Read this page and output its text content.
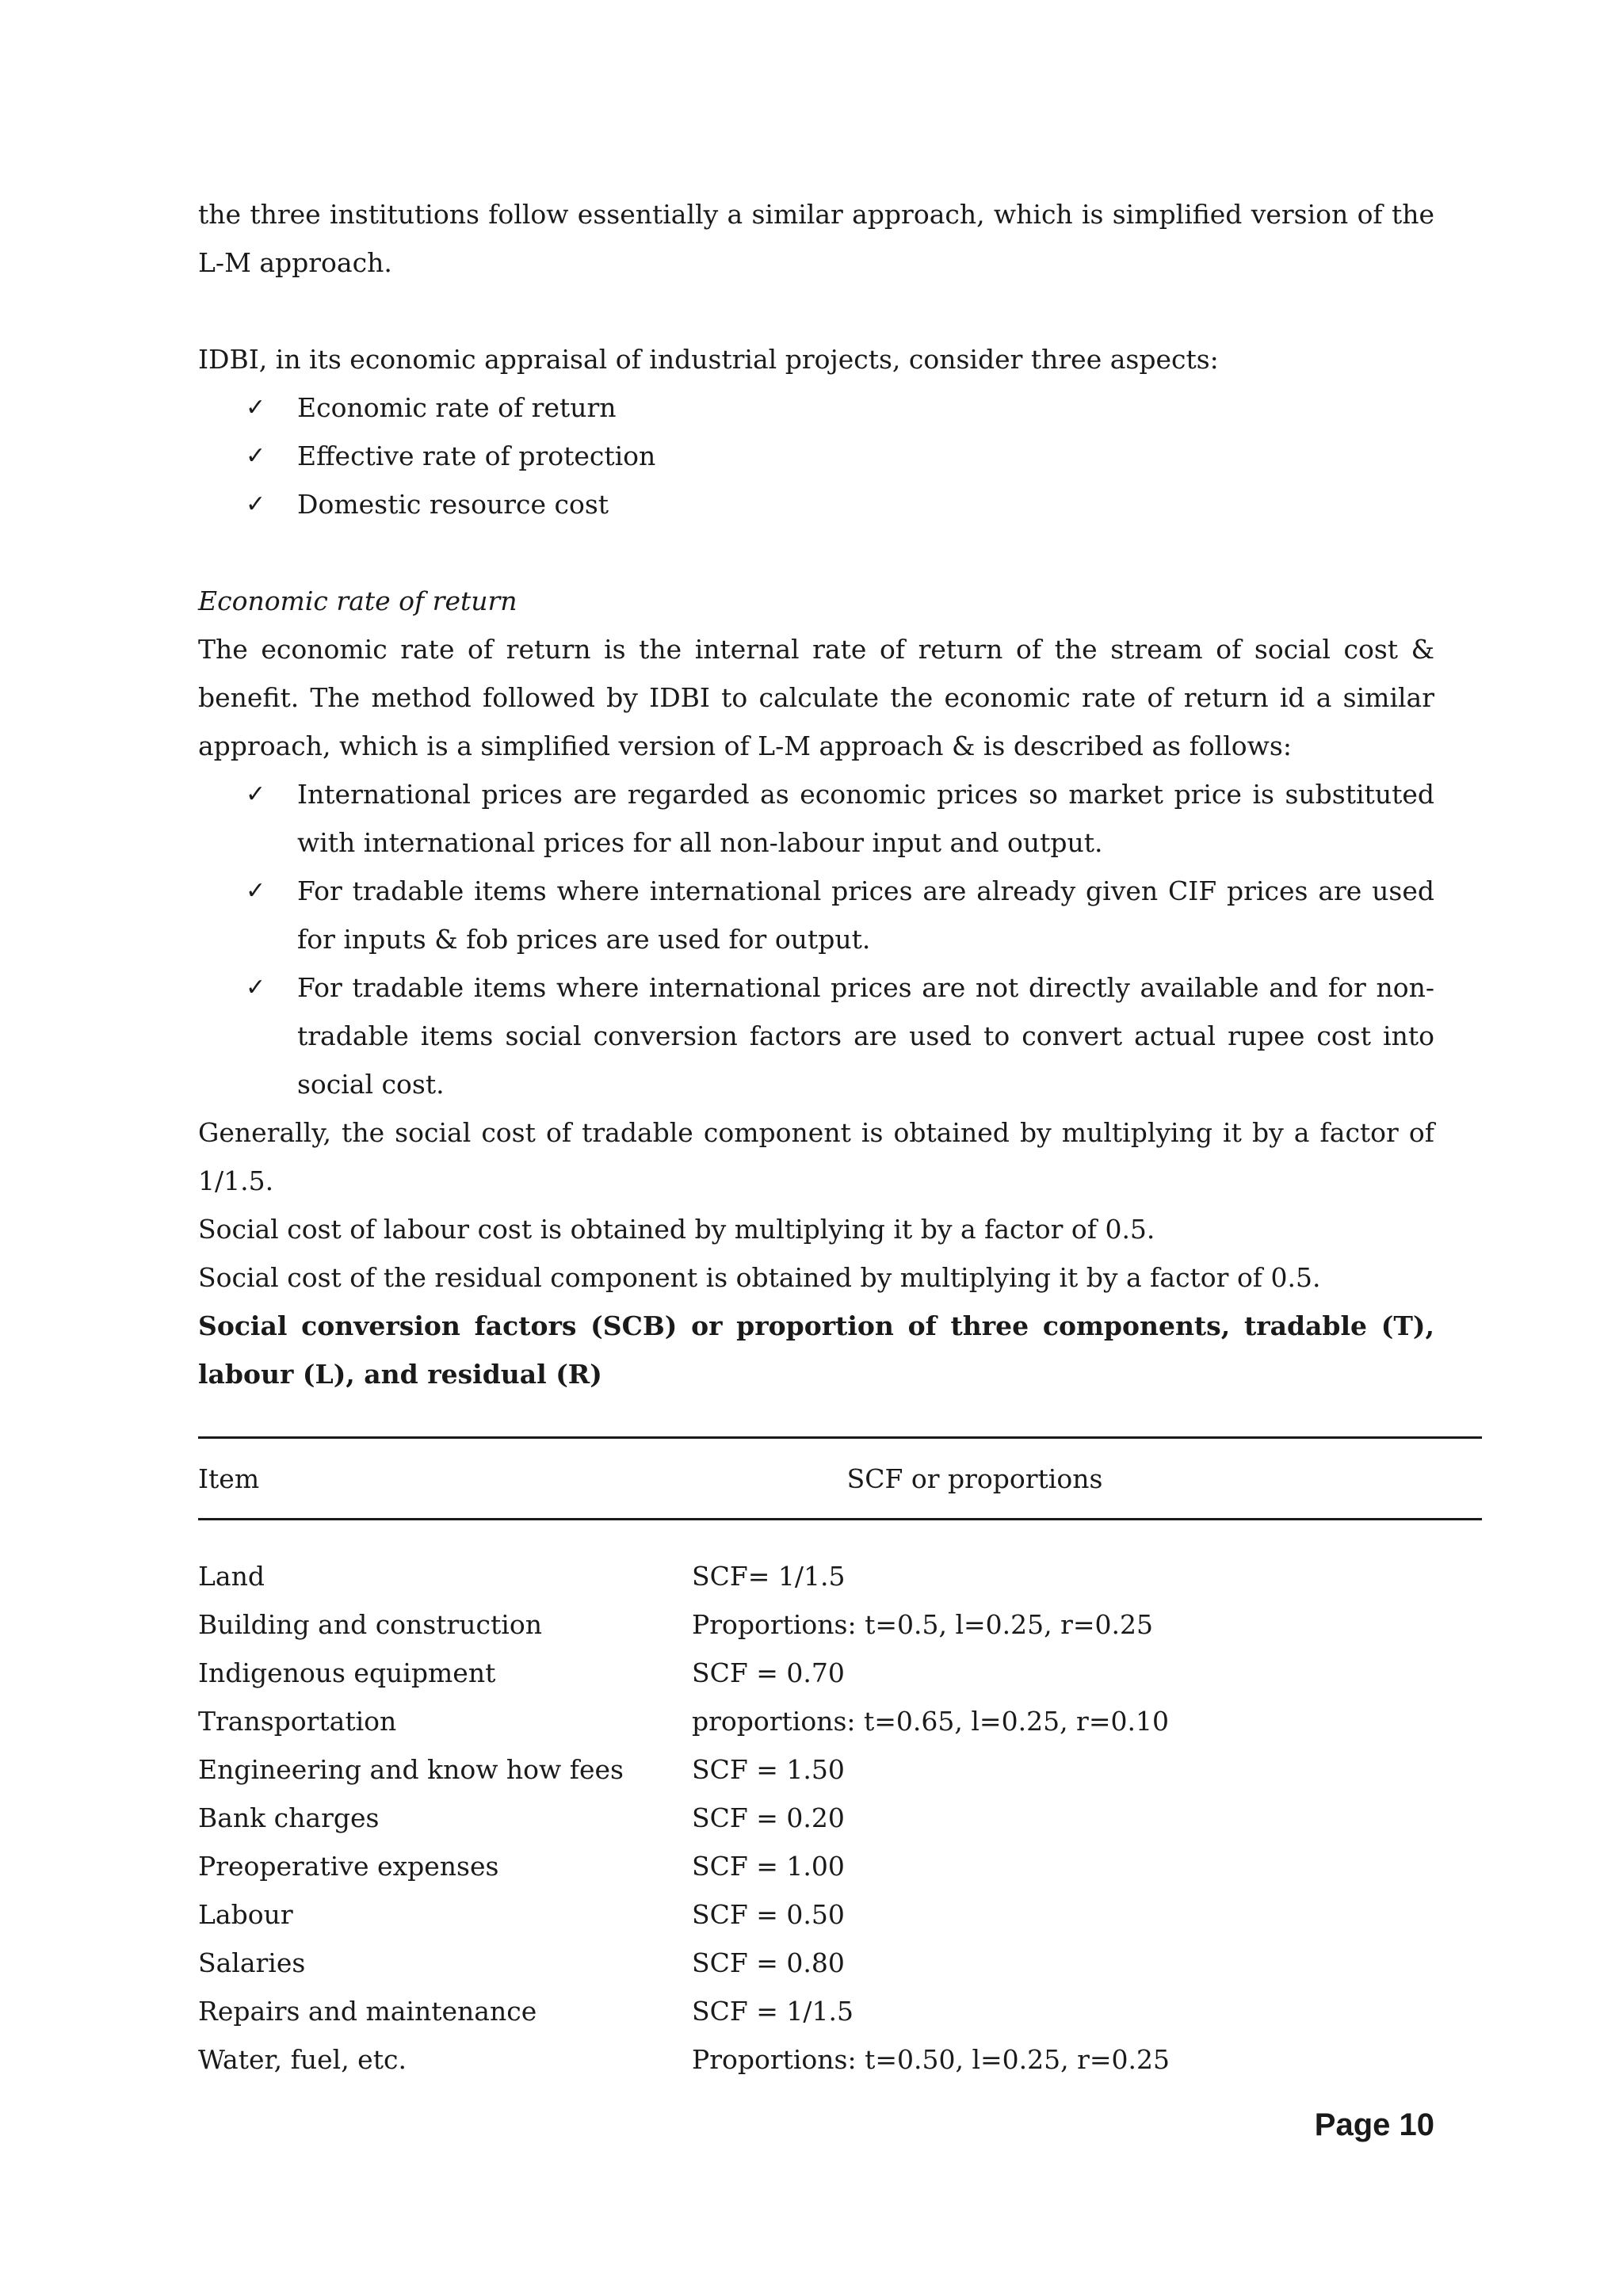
the three institutions follow essentially a similar approach, which is simplified version of the L-M approach.

IDBI, in its economic appraisal of industrial projects, consider three aspects:

✓ Economic rate of return
✓ Effective rate of protection
✓ Domestic resource cost

Economic rate of return

The economic rate of return is the internal rate of return of the stream of social cost & benefit. The method followed by IDBI to calculate the economic rate of return id a similar approach, which is a simplified version of L-M approach & is described as follows:

✓ International prices are regarded as economic prices so market price is substituted with international prices for all non-labour input and output.
✓ For tradable items where international prices are already given CIF prices are used for inputs & fob prices are used for output.
✓ For tradable items where international prices are not directly available and for non-tradable items social conversion factors are used to convert actual rupee cost into social cost.

Generally, the social cost of tradable component is obtained by multiplying it by a factor of 1/1.5.

Social cost of labour cost is obtained by multiplying it by a factor of 0.5.

Social cost of the residual component is obtained by multiplying it by a factor of 0.5.

Social conversion factors (SCB) or proportion of three components, tradable (T), labour (L), and residual (R)

Item	SCF or proportions
Land	SCF= 1/1.5
Building and construction	Proportions: t=0.5, l=0.25, r=0.25
Indigenous equipment	SCF = 0.70
Transportation	proportions: t=0.65, l=0.25, r=0.10
Engineering and know how fees	SCF = 1.50
Bank charges	SCF = 0.20
Preoperative expenses	SCF = 1.00
Labour	SCF = 0.50
Salaries	SCF = 0.80
Repairs and maintenance	SCF = 1/1.5
Water, fuel, etc.	Proportions: t=0.50, l=0.25, r=0.25
Page 10
